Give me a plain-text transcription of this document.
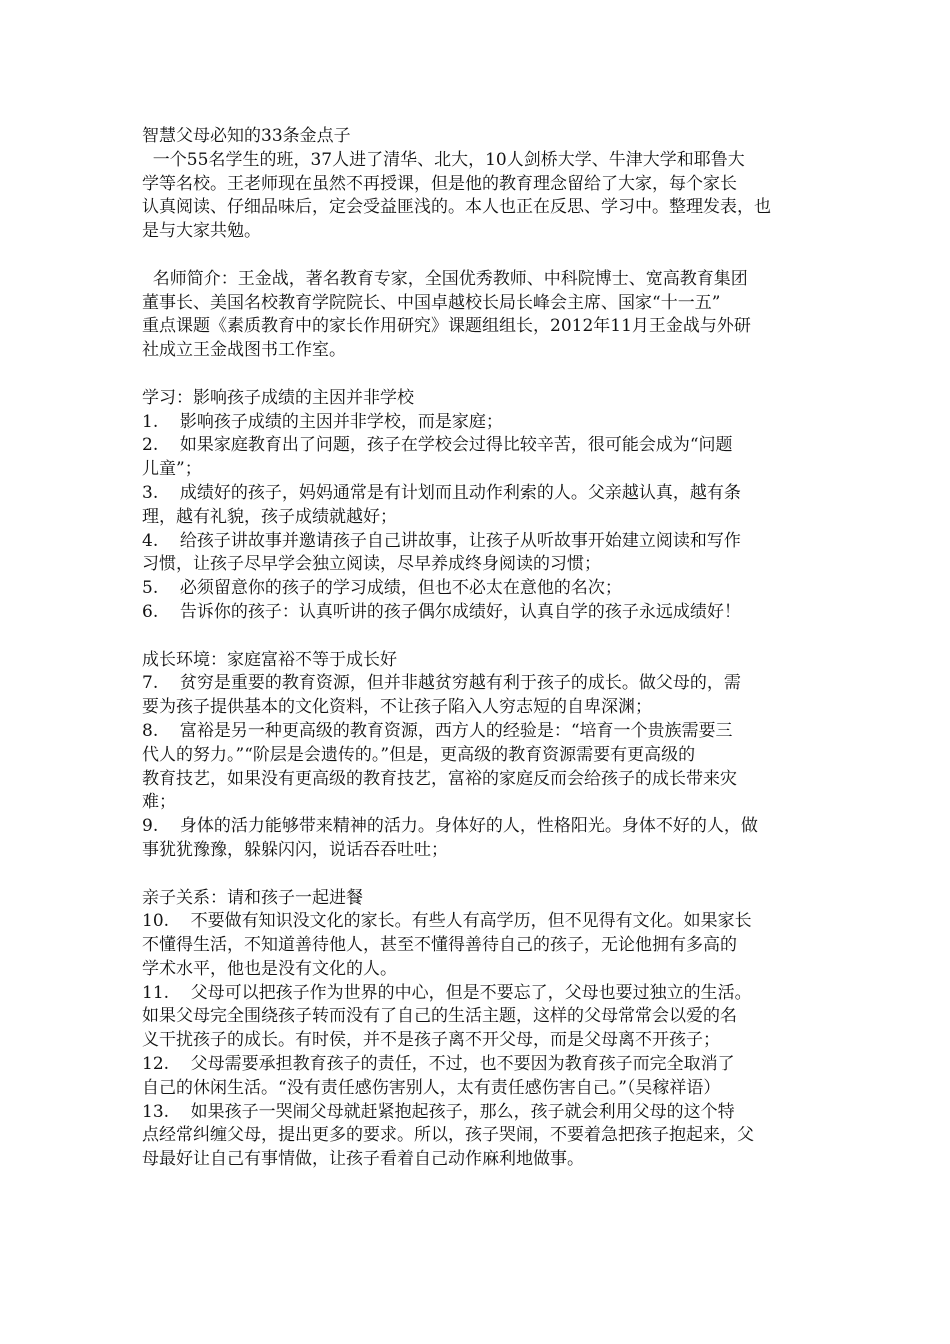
智慧父母必知的33条金点子
一个55名学生的班，37人进了清华、北大，10人剑桥大学、牛津大学和耶鲁大
学等名校。王老师现在虽然不再授课，但是他的教育理念留给了大家，每个家长
认真阅读、仔细品味后，定会受益匪浅的。本人也正在反思、学习中。整理发表，也
是与大家共勉。
名师简介：王金战，著名教育专家，全国优秀教师、中科院博士、宽高教育集团
董事长、美国名校教育学院院长、中国卓越校长局长峰会主席、国家“十一五”
重点课题《素质教育中的家长作用研究》课题组组长，2012年11月王金战与外研
社成立王金战图书工作室。
学习：影响孩子成绩的主因并非学校
1.    影响孩子成绩的主因并非学校，而是家庭；
2.    如果家庭教育出了问题，孩子在学校会过得比较辛苦，很可能会成为“问题
儿童”；
3.    成绩好的孩子，妈妈通常是有计划而且动作利索的人。父亲越认真，越有条
理，越有礼貌，孩子成绩就越好；
4.    给孩子讲故事并邀请孩子自己讲故事，让孩子从听故事开始建立阅读和写作
习惯，让孩子尽早学会独立阅读，尽早养成终身阅读的习惯；
5.    必须留意你的孩子的学习成绩，但也不必太在意他的名次；
6.    告诉你的孩子：认真听讲的孩子偶尔成绩好，认真自学的孩子永远成绩好！
成长环境：家庭富裕不等于成长好
7.    贫穷是重要的教育资源，但并非越贫穷越有利于孩子的成长。做父母的，需
要为孩子提供基本的文化资料，不让孩子陷入人穷志短的自卑深渊；
8.    富裕是另一种更高级的教育资源，西方人的经验是：“培育一个贵族需要三
代人的努力。”“阶层是会遗传的。”但是，更高级的教育资源需要有更高级的
教育技艺，如果没有更高级的教育技艺，富裕的家庭反而会给孩子的成长带来灾
难；
9.    身体的活力能够带来精神的活力。身体好的人，性格阳光。身体不好的人，做
事犹犹豫豫，躲躲闪闪，说话吞吞吐吐；
亲子关系：请和孩子一起进餐
10.    不要做有知识没文化的家长。有些人有高学历，但不见得有文化。如果家长
不懂得生活，不知道善待他人，甚至不懂得善待自己的孩子，无论他拥有多高的
学术水平，他也是没有文化的人。
11.    父母可以把孩子作为世界的中心，但是不要忘了，父母也要过独立的生活。
如果父母完全围绕孩子转而没有了自己的生活主题，这样的父母常常会以爱的名
义干扰孩子的成长。有时侯，并不是孩子离不开父母，而是父母离不开孩子；
12.    父母需要承担教育孩子的责任，不过，也不要因为教育孩子而完全取消了
自己的休闲生活。“没有责任感伤害别人，太有责任感伤害自己。”（吴稼祥语）
13.    如果孩子一哭闹父母就赶紧抱起孩子，那么，孩子就会利用父母的这个特
点经常纠缠父母，提出更多的要求。所以，孩子哭闹，不要着急把孩子抱起来，父
母最好让自己有事情做，让孩子看着自己动作麻利地做事。
